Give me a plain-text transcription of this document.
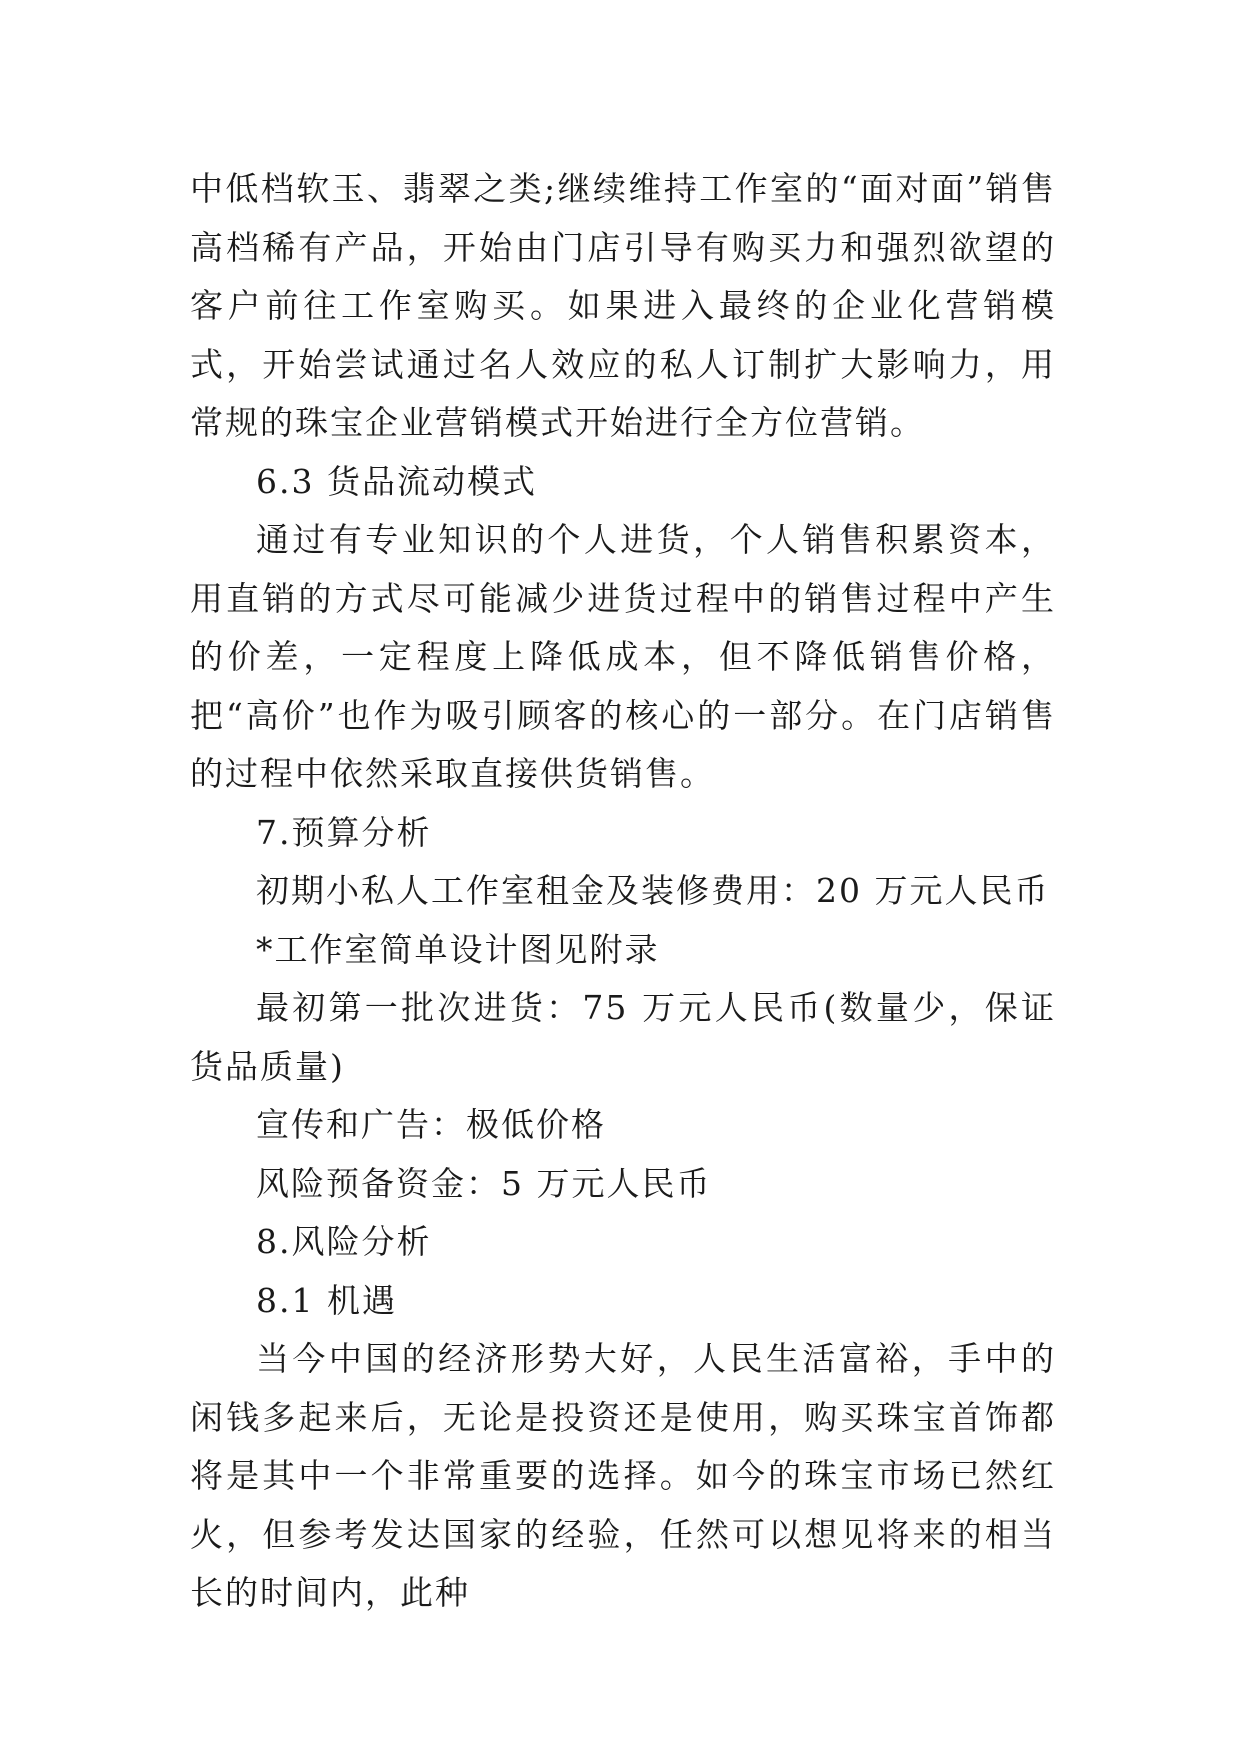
中低档软玉、翡翠之类;继续维持工作室的“面对面”销售高档稀有产品，开始由门店引导有购买力和强烈欲望的客户前往工作室购买。如果进入最终的企业化营销模式，开始尝试通过名人效应的私人订制扩大影响力，用常规的珠宝企业营销模式开始进行全方位营销。

6.3 货品流动模式

通过有专业知识的个人进货，个人销售积累资本，用直销的方式尽可能减少进货过程中的销售过程中产生的价差，一定程度上降低成本，但不降低销售价格，把“高价”也作为吸引顾客的核心的一部分。在门店销售的过程中依然采取直接供货销售。

7.预算分析

初期小私人工作室租金及装修费用：20 万元人民币

*工作室简单设计图见附录

最初第一批次进货：75 万元人民币(数量少，保证货品质量)

宣传和广告：极低价格

风险预备资金：5 万元人民币

8.风险分析

8.1 机遇

当今中国的经济形势大好，人民生活富裕，手中的闲钱多起来后，无论是投资还是使用，购买珠宝首饰都将是其中一个非常重要的选择。如今的珠宝市场已然红火，但参考发达国家的经验，任然可以想见将来的相当长的时间内，此种
